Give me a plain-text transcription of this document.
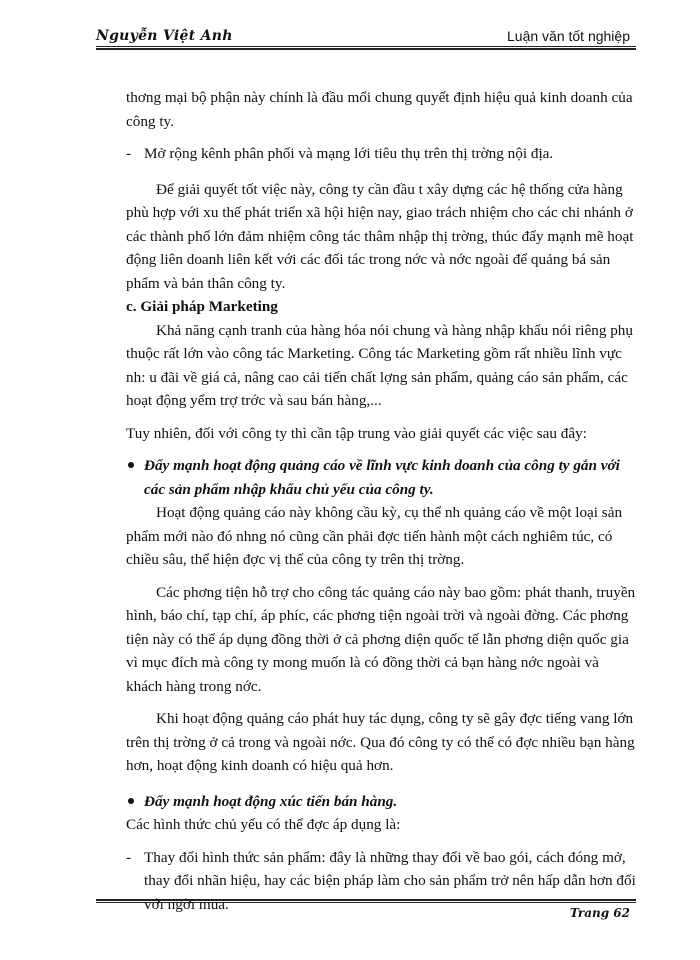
Nguyễn Việt Anh	Luận văn tốt nghiệp

thơng mại bộ phận này chính là đầu mối chung quyết định hiệu quả kinh doanh của công ty.

- Mở rộng kênh phân phối và mạng lới tiêu thụ trên thị trờng nội địa.

Để giải quyết tốt việc này, công ty cần đầu t xây dựng các hệ thống cửa hàng phù hợp với xu thế phát triển xã hội hiện nay, giao trách nhiệm cho các chi nhánh ở các thành phố lớn đảm nhiệm công tác thâm nhập thị trờng, thúc đẩy mạnh mẽ hoạt động liên doanh liên kết với các đối tác trong nớc và nớc ngoài để quảng bá sản phẩm và bản thân công ty.

c. Giải pháp Marketing

Khả năng cạnh tranh của hàng hóa nói chung và hàng nhập khẩu nói riêng phụ thuộc rất lớn vào công tác Marketing. Công tác Marketing gồm rất nhiều lĩnh vực nh: u đãi về giá cả, nâng cao cải tiến chất lợng sản phẩm, quảng cáo sản phẩm, các hoạt động yểm trợ trớc và sau bán hàng,...

Tuy nhiên, đối với công ty thì cần tập trung vào giải quyết các việc sau đây:

Đẩy mạnh hoạt động quảng cáo về lĩnh vực kinh doanh của công ty gắn với các sản phẩm nhập khẩu chủ yếu của công ty.

Hoạt động quảng cáo này không cầu kỳ, cụ thể nh quảng cáo về một loại sản phẩm mới nào đó nhng nó cũng cần phải đợc tiến hành một cách nghiêm túc, có chiều sâu, thể hiện đợc vị thế của công ty trên thị trờng.

Các phơng tiện hỗ trợ cho công tác quảng cáo này bao gồm: phát thanh, truyền hình, báo chí, tạp chí, áp phíc, các phơng tiện ngoài trời và ngoài đờng. Các phơng tiện này có thể áp dụng đồng thời ở cả phơng diện quốc tế lẫn phơng diện quốc gia vì mục đích mà công ty mong muốn là có đồng thời cả bạn hàng nớc ngoài và khách hàng trong nớc.

Khi hoạt động quảng cáo phát huy tác dụng, công ty sẽ gây đợc tiếng vang lớn trên thị trờng ở cả trong và ngoài nớc. Qua đó công ty có thể có đợc nhiều bạn hàng hơn, hoạt động kinh doanh có hiệu quả hơn.

Đẩy mạnh hoạt động xúc tiến bán hàng.

Các hình thức chủ yếu có thể đợc áp dụng là:

- Thay đổi hình thức sản phẩm: đây là những thay đổi về bao gói, cách đóng mở, thay đổi nhãn hiệu, hay các biện pháp làm cho sản phẩm trở nên hấp dẫn hơn đối với ngời mua.

Trang 62
